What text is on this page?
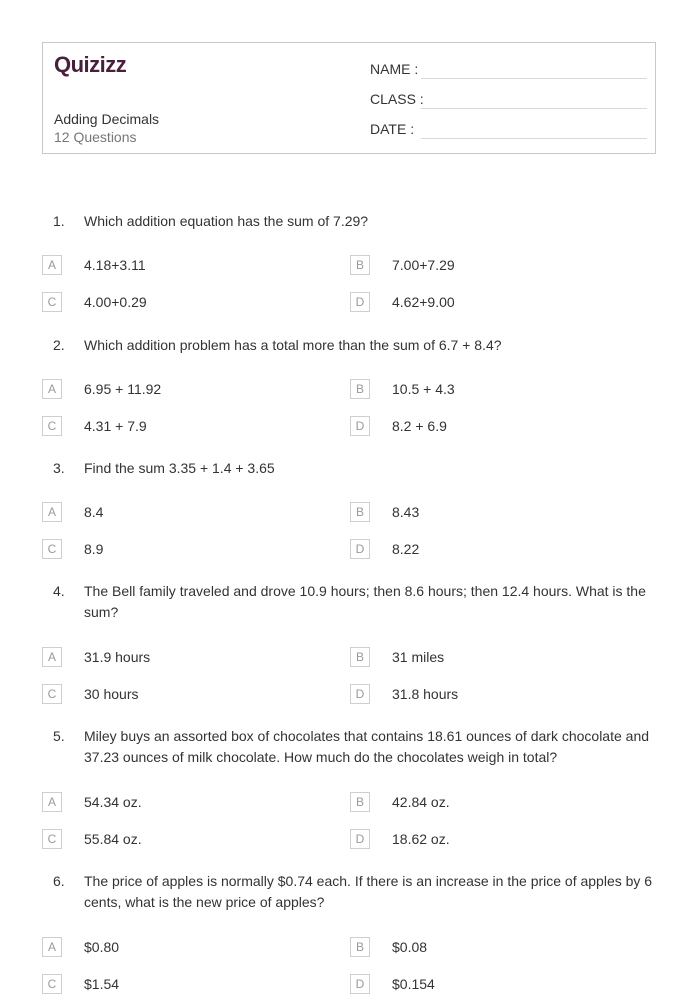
Quizizz
Adding Decimals
12 Questions
NAME :
CLASS :
DATE :
1. Which addition equation has the sum of 7.29?
A	4.18+3.11	B	7.00+7.29
C	4.00+0.29	D	4.62+9.00
2. Which addition problem has a total more than the sum of 6.7 + 8.4?
A	6.95 + 11.92	B	10.5 + 4.3
C	4.31 + 7.9	D	8.2 + 6.9
3. Find the sum 3.35 + 1.4 + 3.65
A	8.4	B	8.43
C	8.9	D	8.22
4. The Bell family traveled and drove 10.9 hours; then 8.6 hours; then 12.4 hours. What is the sum?
A	31.9 hours	B	31 miles
C	30 hours	D	31.8 hours
5. Miley buys an assorted box of chocolates that contains 18.61 ounces of dark chocolate and 37.23 ounces of milk chocolate. How much do the chocolates weigh in total?
A	54.34 oz.	B	42.84 oz.
C	55.84 oz.	D	18.62 oz.
6. The price of apples is normally $0.74 each. If there is an increase in the price of apples by 6 cents, what is the new price of apples?
A	$0.80	B	$0.08
C	$1.54	D	$0.154
